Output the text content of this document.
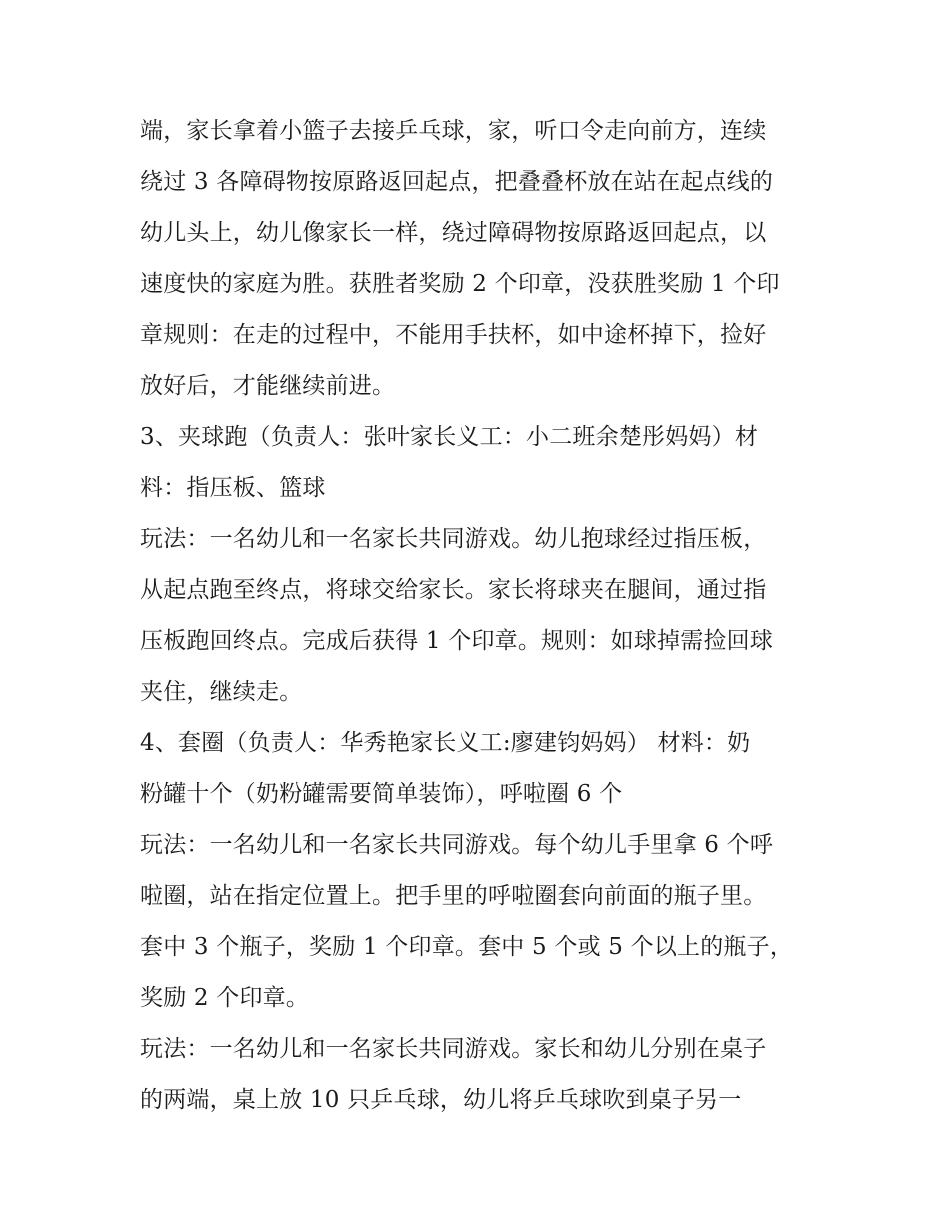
端，家长拿着小篮子去接乒乓球，家，听口令走向前方，连续
绕过 3 各障碍物按原路返回起点，把叠叠杯放在站在起点线的
幼儿头上，幼儿像家长一样，绕过障碍物按原路返回起点，以
速度快的家庭为胜。获胜者奖励 2 个印章，没获胜奖励 1 个印
章规则：在走的过程中，不能用手扶杯，如中途杯掉下，捡好
放好后，才能继续前进。
3、夹球跑（负责人：张叶家长义工：小二班余楚彤妈妈）材
料：指压板、篮球
玩法：一名幼儿和一名家长共同游戏。幼儿抱球经过指压板，
从起点跑至终点，将球交给家长。家长将球夹在腿间，通过指
压板跑回终点。完成后获得 1 个印章。规则：如球掉需捡回球
夹住，继续走。
4、套圈（负责人：华秀艳家长义工:廖建钧妈妈） 材料：奶
粉罐十个（奶粉罐需要简单装饰），呼啦圈 6 个
玩法：一名幼儿和一名家长共同游戏。每个幼儿手里拿 6 个呼
啦圈，站在指定位置上。把手里的呼啦圈套向前面的瓶子里。
套中 3 个瓶子，奖励 1 个印章。套中 5 个或 5 个以上的瓶子，
奖励 2 个印章。
玩法：一名幼儿和一名家长共同游戏。家长和幼儿分别在桌子
的两端，桌上放 10 只乒乓球，幼儿将乒乓球吹到桌子另一
